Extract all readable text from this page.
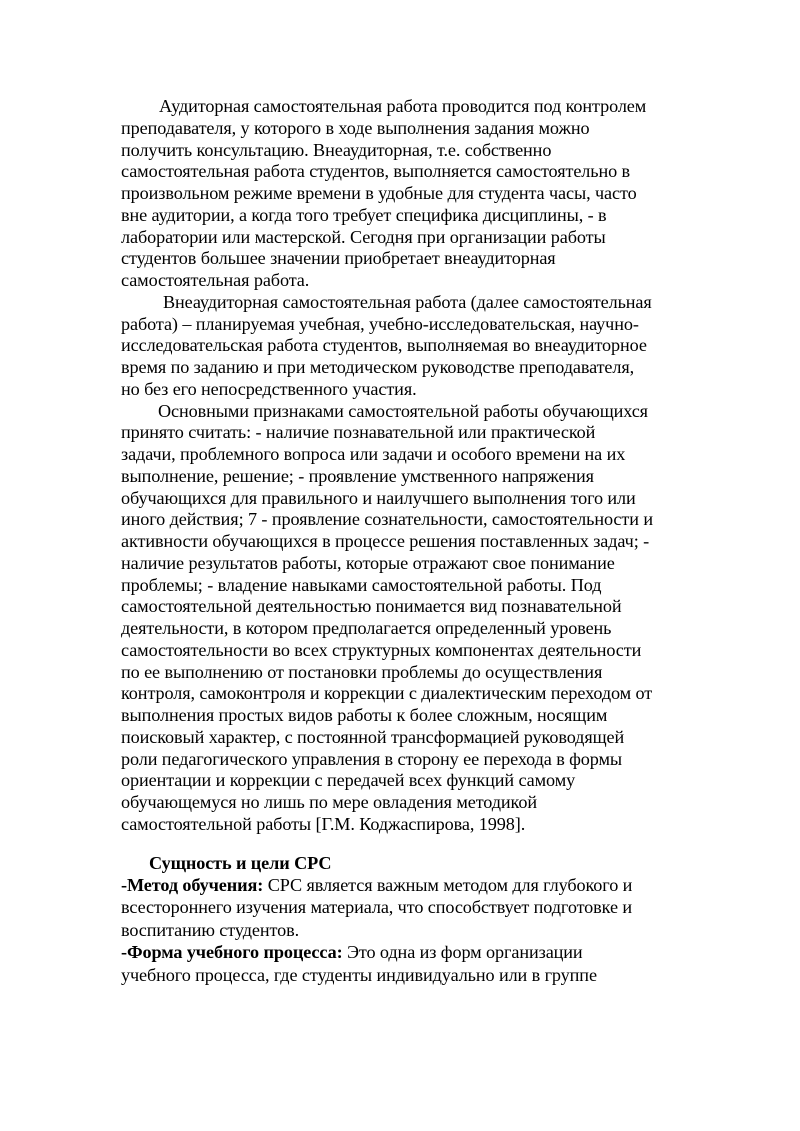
Аудиторная самостоятельная работа проводится под контролем
преподавателя, у которого в ходе выполнения задания можно
получить консультацию. Внеаудиторная, т.е. собственно
самостоятельная работа студентов, выполняется самостоятельно в
произвольном режиме времени в удобные для студента часы, часто
вне аудитории, а когда того требует специфика дисциплины, - в
лаборатории или мастерской. Сегодня при организации работы
студентов большее значении приобретает внеаудиторная
самостоятельная работа.
Внеаудиторная самостоятельная работа (далее самостоятельная
работа) – планируемая учебная, учебно-исследовательская, научно-
исследовательская работа студентов, выполняемая во внеаудиторное
время по заданию и при методическом руководстве преподавателя,
но без его непосредственного участия.
Основными признаками самостоятельной работы обучающихся
принято считать: - наличие познавательной или практической
задачи, проблемного вопроса или задачи и особого времени на их
выполнение, решение; - проявление умственного напряжения
обучающихся для правильного и наилучшего выполнения того или
иного действия; 7 - проявление сознательности, самостоятельности и
активности обучающихся в процессе решения поставленных задач; -
наличие результатов работы, которые отражают свое понимание
проблемы; - владение навыками самостоятельной работы. Под
самостоятельной деятельностью понимается вид познавательной
деятельности, в котором предполагается определенный уровень
самостоятельности во всех структурных компонентах деятельности
по ее выполнению от постановки проблемы до осуществления
контроля, самоконтроля и коррекции с диалектическим переходом от
выполнения простых видов работы к более сложным, носящим
поисковый характер, с постоянной трансформацией руководящей
роли педагогического управления в сторону ее перехода в формы
ориентации и коррекции с передачей всех функций самому
обучающемуся но лишь по мере овладения методикой
самостоятельной работы [Г.М. Коджаспирова, 1998].
Сущность и цели СРС
-Метод обучения: СРС является важным методом для глубокого и
всестороннего изучения материала, что способствует подготовке и
воспитанию студентов.
-Форма учебного процесса: Это одна из форм организации
учебного процесса, где студенты индивидуально или в группе
